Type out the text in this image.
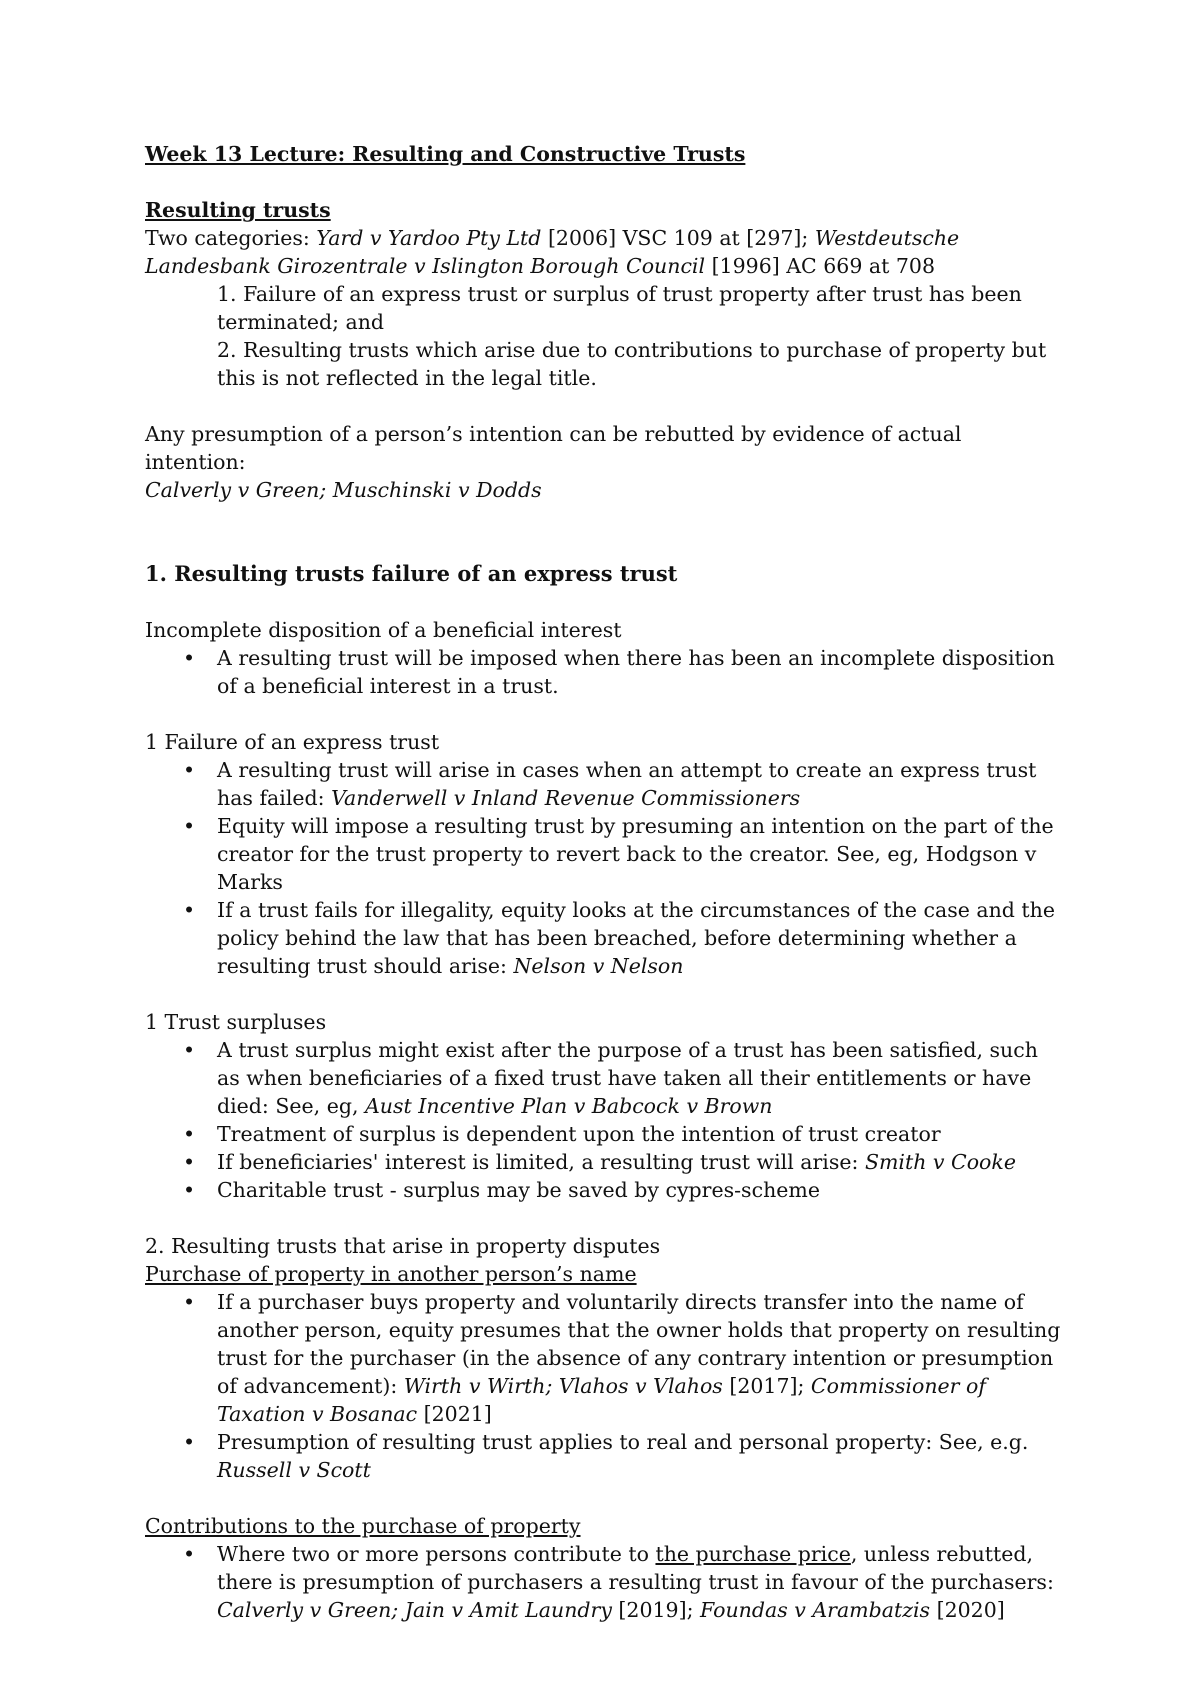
Week 13 Lecture: Resulting and Constructive Trusts

Resulting trusts

Two categories: Yard v Yardoo Pty Ltd [2006] VSC 109 at [297]; Westdeutsche Landesbank Girozentrale v Islington Borough Council [1996] AC 669 at 708

1. Failure of an express trust or surplus of trust property after trust has been terminated; and

2. Resulting trusts which arise due to contributions to purchase of property but this is not reflected in the legal title.

Any presumption of a person’s intention can be rebutted by evidence of actual intention:
Calverly v Green; Muschinski v Dodds

1. Resulting trusts failure of an express trust

Incomplete disposition of a beneficial interest

• A resulting trust will be imposed when there has been an incomplete disposition of a beneficial interest in a trust.

1 Failure of an express trust

• A resulting trust will arise in cases when an attempt to create an express trust has failed: Vanderwell v Inland Revenue Commissioners
• Equity will impose a resulting trust by presuming an intention on the part of the creator for the trust property to revert back to the creator. See, eg, Hodgson v Marks
• If a trust fails for illegality, equity looks at the circumstances of the case and the policy behind the law that has been breached, before determining whether a resulting trust should arise: Nelson v Nelson

1 Trust surpluses

• A trust surplus might exist after the purpose of a trust has been satisfied, such as when beneficiaries of a fixed trust have taken all their entitlements or have died: See, eg, Aust Incentive Plan v Babcock v Brown
• Treatment of surplus is dependent upon the intention of trust creator
• If beneficiaries' interest is limited, a resulting trust will arise: Smith v Cooke
• Charitable trust - surplus may be saved by cypres-scheme

2. Resulting trusts that arise in property disputes

Purchase of property in another person’s name

• If a purchaser buys property and voluntarily directs transfer into the name of another person, equity presumes that the owner holds that property on resulting trust for the purchaser (in the absence of any contrary intention or presumption of advancement): Wirth v Wirth; Vlahos v Vlahos [2017]; Commissioner of Taxation v Bosanac [2021]
• Presumption of resulting trust applies to real and personal property: See, e.g. Russell v Scott

Contributions to the purchase of property

• Where two or more persons contribute to the purchase price, unless rebutted, there is presumption of purchasers a resulting trust in favour of the purchasers: Calverly v Green; Jain v Amit Laundry [2019]; Foundas v Arambatzis [2020]
